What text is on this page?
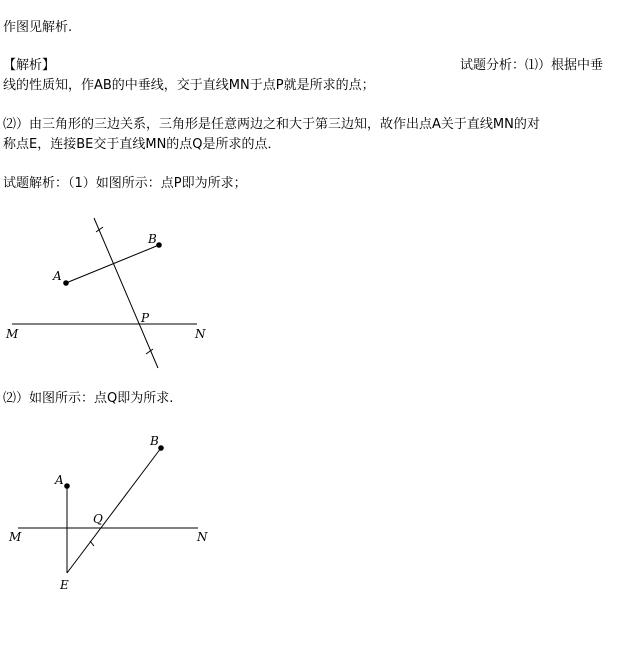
作图见解析.
【解析】	试题分析：⑴）根据中垂
线的性质知，作AB的中垂线，交于直线MN于点P就是所求的点；
⑵）由三角形的三边关系，三角形是任意两边之和大于第三边知，故作出点A关于直线MN的对
称点E，连接BE交于直线MN的点Q是所求的点．
试题解析：（1）如图所示：点P即为所求；
A
B
P
M	N
⑵）如图所示：点Q即为所求.
A
B
Q
M	N
E
